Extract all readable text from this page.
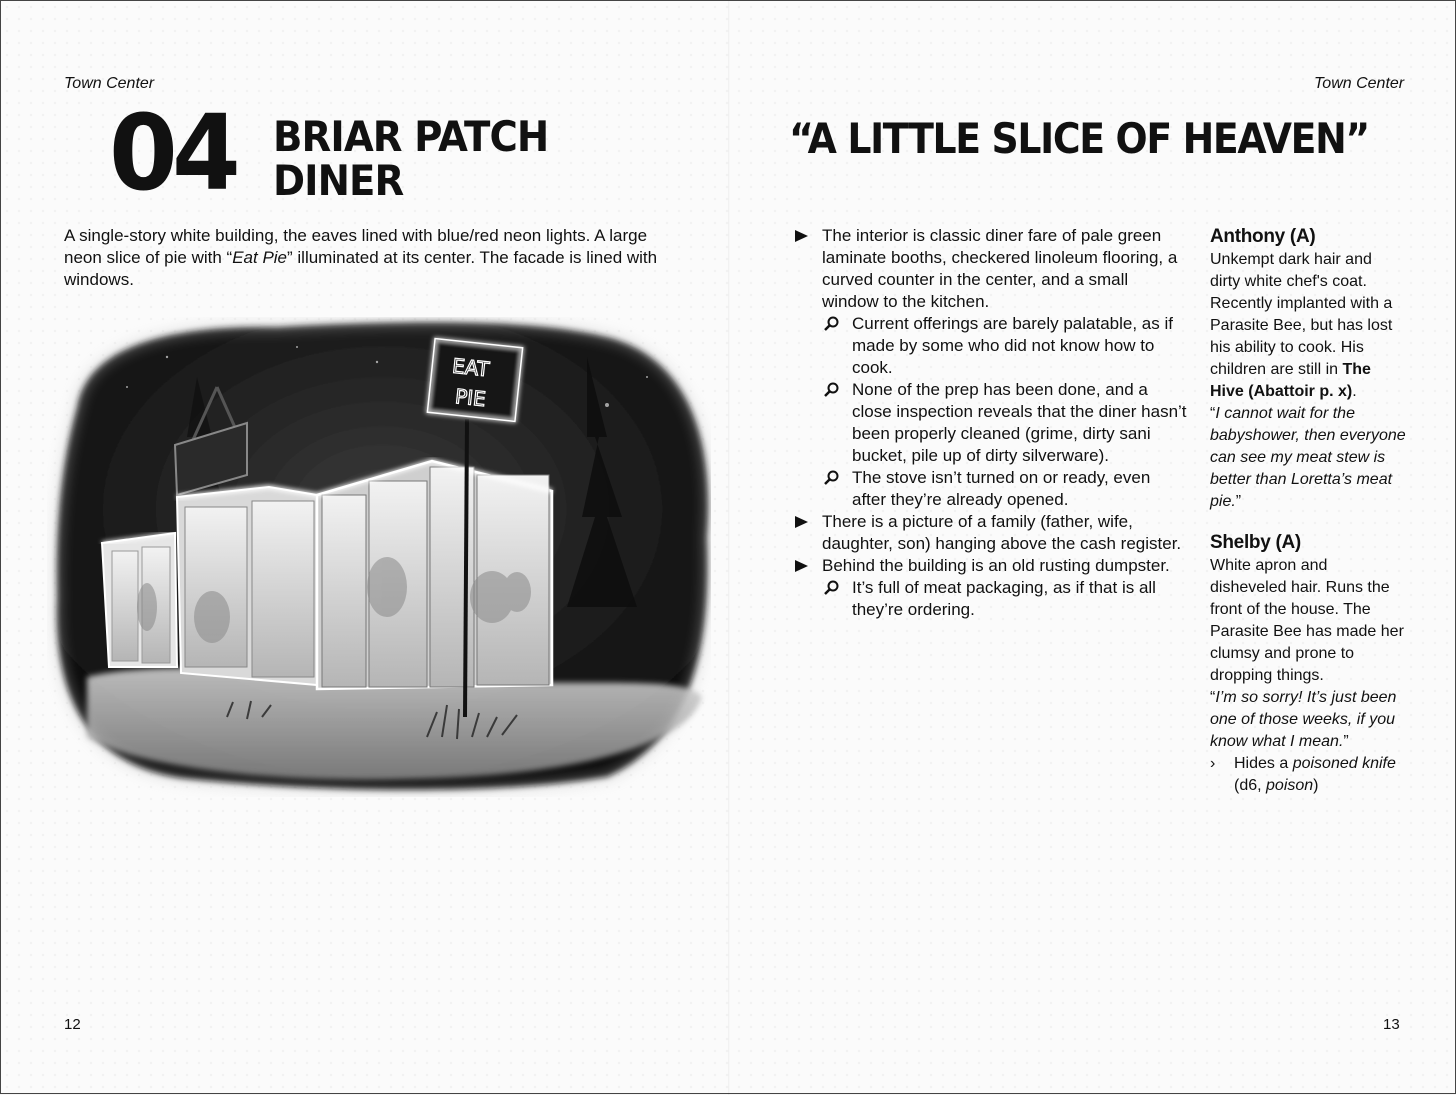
Town Center
04 BRIAR PATCH
DINER
A single-story white building, the eaves lined with blue/red neon lights. A large neon slice of pie with “Eat Pie” illuminated at its center. The facade is lined with windows.
EAT
PIE
12
Town Center
“A LITTLE SLICE OF HEAVEN”

The interior is classic diner fare of pale green laminate booths, checkered linoleum flooring, a curved counter in the center, and a small window to the kitchen.

Current offerings are barely palatable, as if made by some who did not know how to cook.

None of the prep has been done, and a close inspection reveals that the diner hasn’t been properly cleaned (grime, dirty sani bucket, pile up of dirty silverware).

The stove isn’t turned on or ready, even after they’re already opened.

There is a picture of a family (father, wife, daughter, son) hanging above the cash register.

Behind the building is an old rusting dumpster.

It’s full of meat packaging, as if that is all they’re ordering.

Anthony (A)

Unkempt dark hair and dirty white chef's coat. Recently implanted with a Parasite Bee, but has lost his ability to cook. His children are still in The Hive (Abattoir p. x).

“I cannot wait for the babyshower, then everyone can see my meat stew is better than Loretta’s meat pie.”

Shelby (A)

White apron and disheveled hair. Runs the front of the house. The Parasite Bee has made her clumsy and prone to dropping things.

“I’m so sorry! It’s just been one of those weeks, if you know what I mean.”

› Hides a poisoned knife (d6, poison)

13
